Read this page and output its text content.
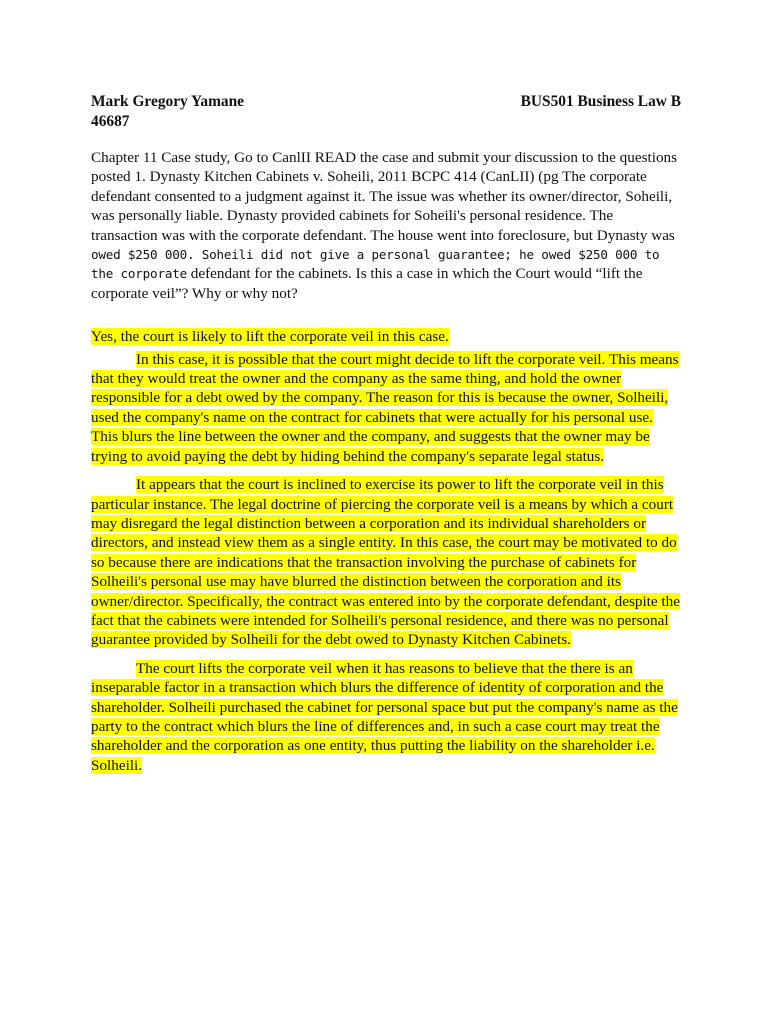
Mark Gregory Yamane	BUS501 Business Law B
46687
Chapter 11 Case study, Go to CanlII READ the case and submit your discussion to the questions posted 1. Dynasty Kitchen Cabinets v. Soheili, 2011 BCPC 414 (CanLII) (pg The corporate defendant consented to a judgment against it. The issue was whether its owner/director, Soheili, was personally liable. Dynasty provided cabinets for Soheili's personal residence. The transaction was with the corporate defendant. The house went into foreclosure, but Dynasty was owed $250 000. Soheili did not give a personal guarantee; he owed $250 000 to the corporate defendant for the cabinets. Is this a case in which the Court would “lift the corporate veil”? Why or why not?

Yes, the court is likely to lift the corporate veil in this case.

In this case, it is possible that the court might decide to lift the corporate veil. This means that they would treat the owner and the company as the same thing, and hold the owner responsible for a debt owed by the company. The reason for this is because the owner, Solheili, used the company's name on the contract for cabinets that were actually for his personal use. This blurs the line between the owner and the company, and suggests that the owner may be trying to avoid paying the debt by hiding behind the company's separate legal status.

It appears that the court is inclined to exercise its power to lift the corporate veil in this particular instance. The legal doctrine of piercing the corporate veil is a means by which a court may disregard the legal distinction between a corporation and its individual shareholders or directors, and instead view them as a single entity. In this case, the court may be motivated to do so because there are indications that the transaction involving the purchase of cabinets for Solheili's personal use may have blurred the distinction between the corporation and its owner/director. Specifically, the contract was entered into by the corporate defendant, despite the fact that the cabinets were intended for Solheili's personal residence, and there was no personal guarantee provided by Solheili for the debt owed to Dynasty Kitchen Cabinets.

The court lifts the corporate veil when it has reasons to believe that the there is an inseparable factor in a transaction which blurs the difference of identity of corporation and the shareholder. Solheili purchased the cabinet for personal space but put the company's name as the party to the contract which blurs the line of differences and, in such a case court may treat the shareholder and the corporation as one entity, thus putting the liability on the shareholder i.e. Solheili.
